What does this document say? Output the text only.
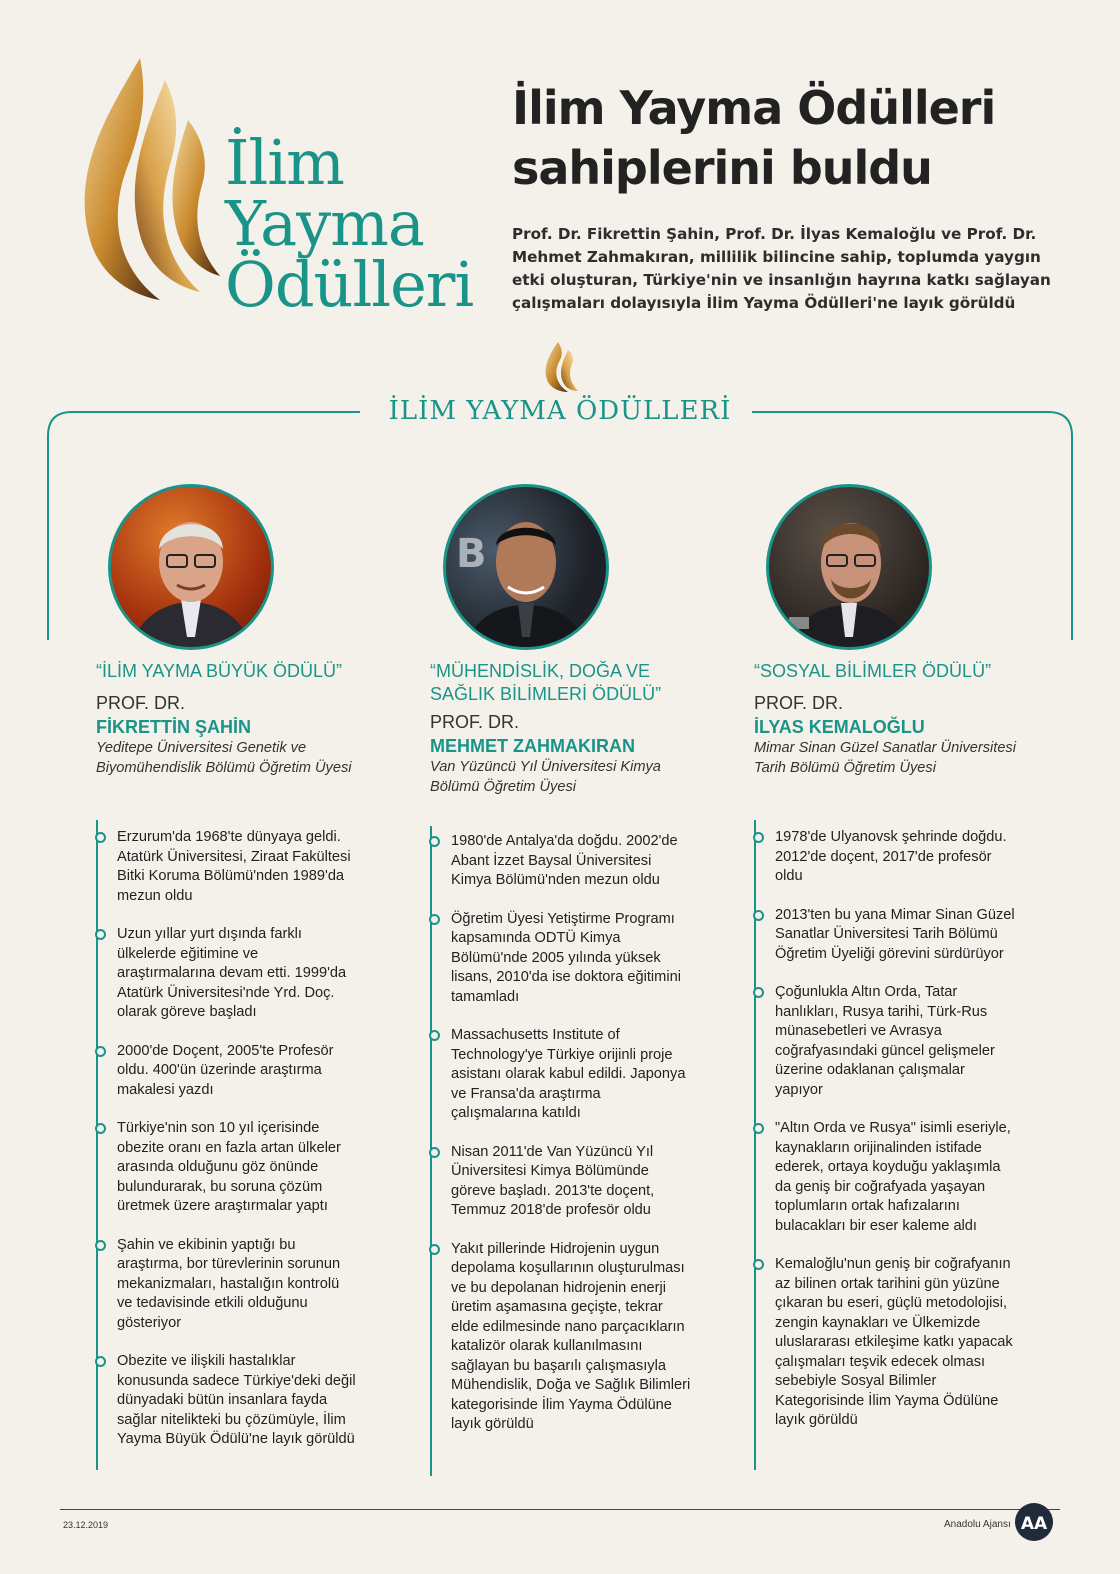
İlim
Yayma
Ödülleri
İlim Yayma Ödülleri
sahiplerini buldu
Prof. Dr. Fikrettin Şahin, Prof. Dr. İlyas Kemaloğlu ve Prof. Dr. Mehmet Zahmakıran, millilik bilincine sahip, toplumda yaygın etki oluşturan, Türkiye'nin ve insanlığın hayrına katkı sağlayan çalışmaları dolayısıyla İlim Yayma Ödülleri'ne layık görüldü
İLİM YAYMA ÖDÜLLERİ
B
“İLİM YAYMA BÜYÜK ÖDÜLÜ”
PROF. DR.
FİKRETTİN ŞAHİN
Yeditepe Üniversitesi Genetik ve Biyomühendislik Bölümü Öğretim Üyesi
Erzurum'da 1968'te dünyaya geldi. Atatürk Üniversitesi, Ziraat Fakültesi Bitki Koruma Bölümü'nden 1989'da mezun oldu
Uzun yıllar yurt dışında farklı ülkelerde eğitimine ve araştırmalarına devam etti. 1999'da Atatürk Üniversitesi'nde Yrd. Doç. olarak göreve başladı
2000'de Doçent, 2005'te Profesör oldu. 400'ün üzerinde araştırma makalesi yazdı
Türkiye'nin son 10 yıl içerisinde obezite oranı en fazla artan ülkeler arasında olduğunu göz önünde bulundurarak, bu soruna çözüm üretmek üzere araştırmalar yaptı
Şahin ve ekibinin yaptığı bu araştırma, bor türevlerinin sorunun mekanizmaları, hastalığın kontrolü ve tedavisinde etkili olduğunu gösteriyor
Obezite ve ilişkili hastalıklar konusunda sadece Türkiye'deki değil dünyadaki bütün insanlara fayda sağlar nitelikteki bu çözümüyle, İlim Yayma Büyük Ödülü'ne layık görüldü
“MÜHENDİSLİK, DOĞA VE SAĞLIK BİLİMLERİ ÖDÜLÜ”
PROF. DR.
MEHMET ZAHMAKIRAN
Van Yüzüncü Yıl Üniversitesi Kimya Bölümü Öğretim Üyesi
1980'de Antalya'da doğdu. 2002'de Abant İzzet Baysal Üniversitesi Kimya Bölümü'nden mezun oldu
Öğretim Üyesi Yetiştirme Programı kapsamında ODTÜ Kimya Bölümü'nde 2005 yılında yüksek lisans, 2010'da ise doktora eğitimini tamamladı
Massachusetts Institute of Technology'ye Türkiye orijinli proje asistanı olarak kabul edildi. Japonya ve Fransa'da araştırma çalışmalarına katıldı
Nisan 2011'de Van Yüzüncü Yıl Üniversitesi Kimya Bölümünde göreve başladı. 2013'te doçent, Temmuz 2018'de profesör oldu
Yakıt pillerinde Hidrojenin uygun depolama koşullarının oluşturulması ve bu depolanan hidrojenin enerji üretim aşamasına geçişte, tekrar elde edilmesinde nano parçacıkların katalizör olarak kullanılmasını sağlayan bu başarılı çalışmasıyla Mühendislik, Doğa ve Sağlık Bilimleri kategorisinde İlim Yayma Ödülüne layık görüldü
“SOSYAL BİLİMLER ÖDÜLÜ”
PROF. DR.
İLYAS KEMALOĞLU
Mimar Sinan Güzel Sanatlar Üniversitesi Tarih Bölümü Öğretim Üyesi
1978'de Ulyanovsk şehrinde doğdu. 2012'de doçent, 2017'de profesör oldu
2013'ten bu yana Mimar Sinan Güzel Sanatlar Üniversitesi Tarih Bölümü Öğretim Üyeliği görevini sürdürüyor
Çoğunlukla Altın Orda, Tatar hanlıkları, Rusya tarihi, Türk-Rus münasebetleri ve Avrasya coğrafyasındaki güncel gelişmeler üzerine odaklanan çalışmalar yapıyor
"Altın Orda ve Rusya" isimli eseriyle, kaynakların orijinalinden istifade ederek, ortaya koyduğu yaklaşımla da geniş bir coğrafyada yaşayan toplumların ortak hafızalarını bulacakları bir eser kaleme aldı
Kemaloğlu'nun geniş bir coğrafyanın az bilinen ortak tarihini gün yüzüne çıkaran bu eseri, güçlü metodolojisi, zengin kaynakları ve Ülkemizde uluslararası etkileşime katkı yapacak çalışmaları teşvik edecek olması sebebiyle Sosyal Bilimler Kategorisinde İlim Yayma Ödülüne layık görüldü
23.12.2019	Anadolu Ajansı AA
